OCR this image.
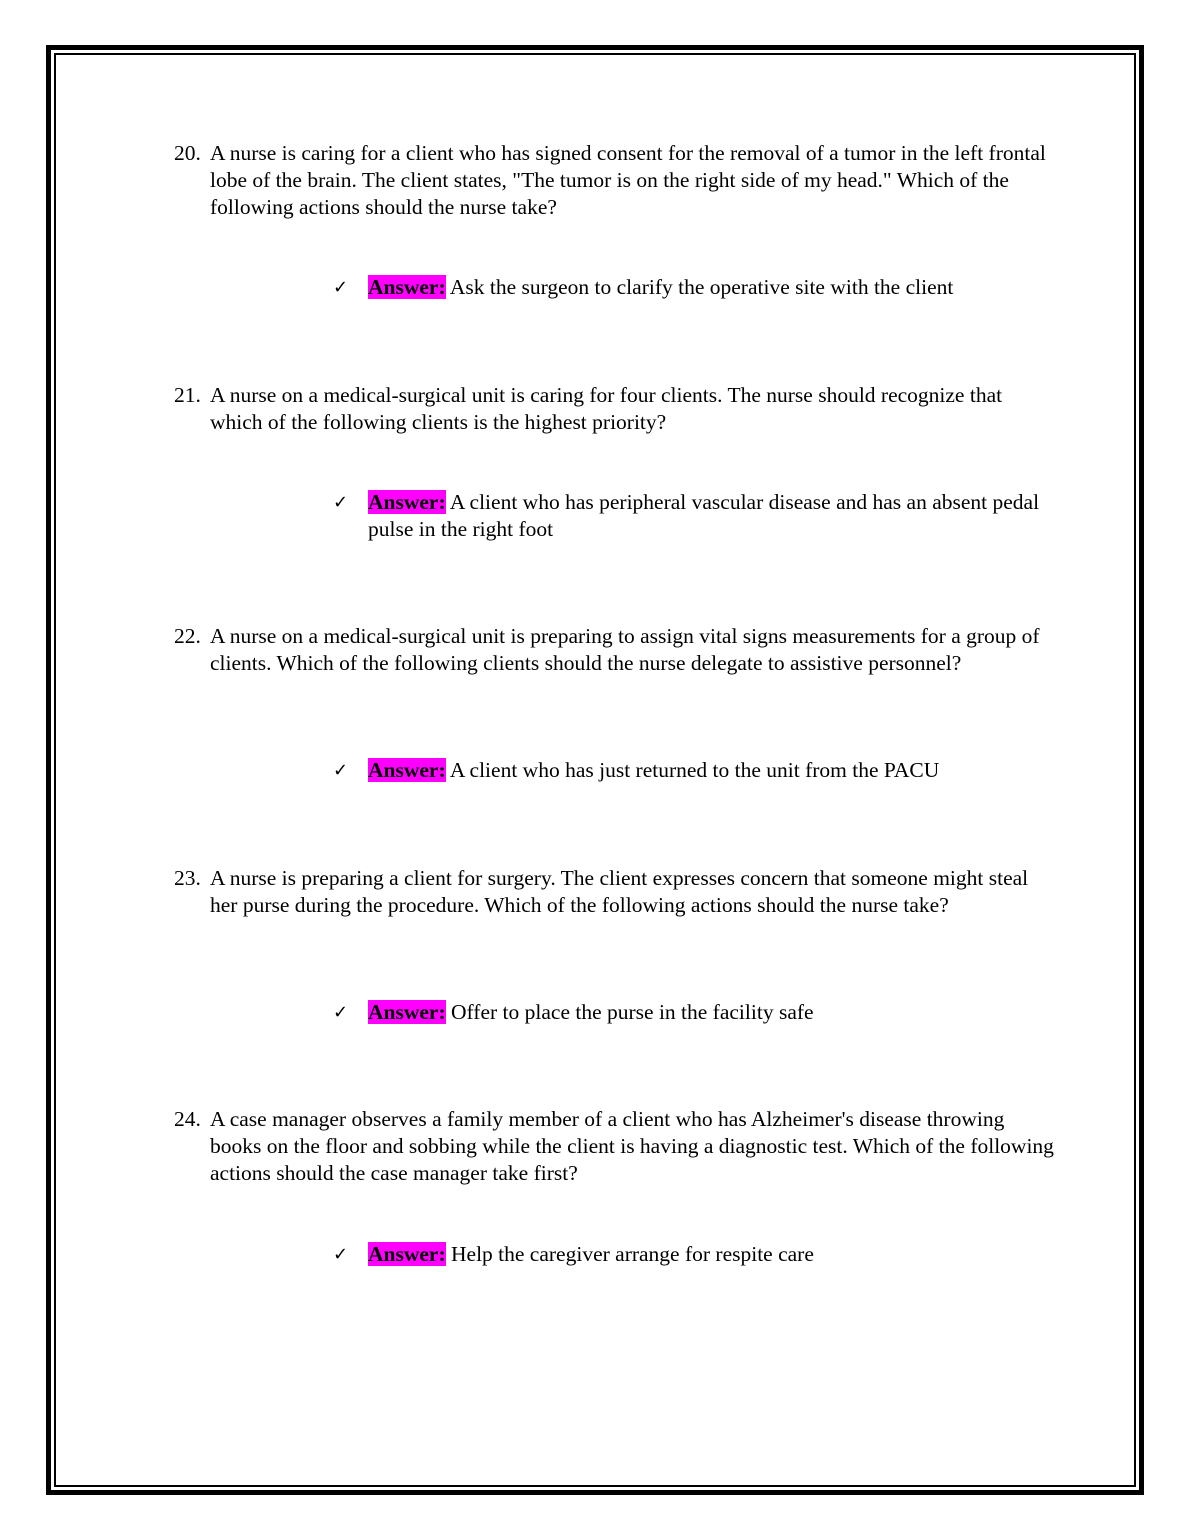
20. A nurse is caring for a client who has signed consent for the removal of a tumor in the left frontal lobe of the brain. The client states, "The tumor is on the right side of my head." Which of the following actions should the nurse take?
✓ Answer: Ask the surgeon to clarify the operative site with the client
21. A nurse on a medical-surgical unit is caring for four clients. The nurse should recognize that which of the following clients is the highest priority?
✓ Answer: A client who has peripheral vascular disease and has an absent pedal pulse in the right foot
22. A nurse on a medical-surgical unit is preparing to assign vital signs measurements for a group of clients. Which of the following clients should the nurse delegate to assistive personnel?
✓ Answer: A client who has just returned to the unit from the PACU
23. A nurse is preparing a client for surgery. The client expresses concern that someone might steal her purse during the procedure. Which of the following actions should the nurse take?
✓ Answer: Offer to place the purse in the facility safe
24. A case manager observes a family member of a client who has Alzheimer's disease throwing books on the floor and sobbing while the client is having a diagnostic test. Which of the following actions should the case manager take first?
✓ Answer: Help the caregiver arrange for respite care
